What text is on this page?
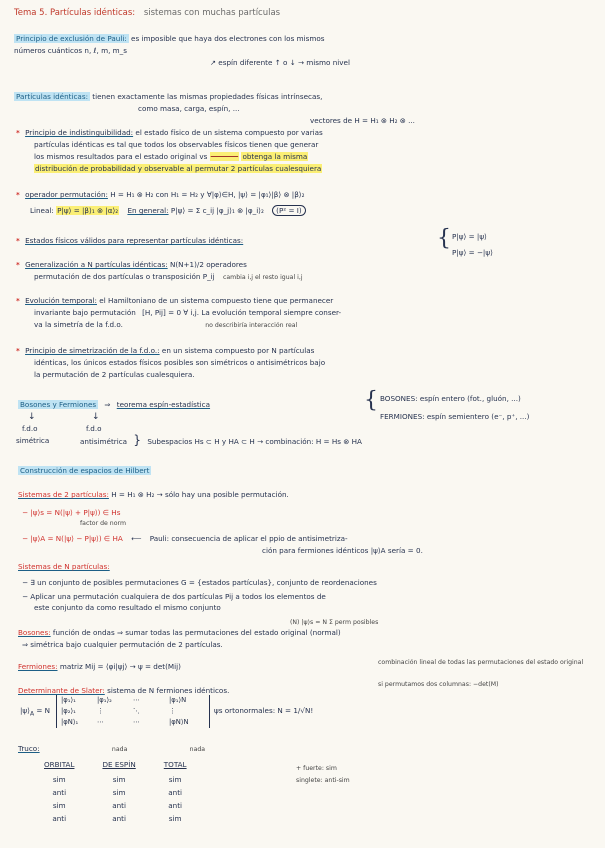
Tema 5. Partículas idénticas: sistemas con muchas partículas
Principio de exclusión de Pauli: es imposible que haya dos electrones con los mismos
números cuánticos n, ℓ, m, m_s
↗ espín diferente ↑ o ↓ → mismo nivel
Partículas idénticas: tienen exactamente las mismas propiedades físicas intrínsecas,
como masa, carga, espín, ...
vectores de H = H₁ ⊗ H₂ ⊗ ...
* Principio de indistinguibilidad: el estado físico de un sistema compuesto por varias
partículas idénticas es tal que todos los observables físicos tienen que generar
los mismos resultados para el estado original vs	obtenga la misma
distribución de probabilidad y observable al permutar 2 partículas cualesquiera
* operador permutación: H = H₁ ⊗ H₂ con H₁ = H₂ y ∀|φ⟩∈H, |ψ⟩ = |φ₁⟩|β⟩ ⊗ |β⟩₂
Lineal: P|ψ⟩ = |β⟩₁ ⊗ |α⟩₂ En general: P|ψ⟩ = Σ c_ij |φ_j⟩₁ ⊗ |φ_i⟩₂ (P² = I)
* Estados físicos válidos para representar partículas idénticas:	{ P|ψ⟩ = |ψ⟩
P|ψ⟩ = −|ψ⟩
* Generalización a N partículas idénticas: N(N+1)/2 operadores
permutación de dos partículas o transposición P_ij cambia i,j el resto igual i,j
* Evolución temporal: el Hamiltoniano de un sistema compuesto tiene que permanecer
invariante bajo permutación [H, Pij] = 0 ∀ i,j. La evolución temporal siempre conser-
va la simetría de la f.d.o.	no describiría interacción real
* Principio de simetrización de la f.d.o.: en un sistema compuesto por N partículas
idénticas, los únicos estados físicos posibles son simétricos o antisimétricos bajo
la permutación de 2 partículas cualesquiera.
Bosones y Fermiones ⇒ teorema espín-estadística	{ BOSONES: espín entero (fot., gluón, ...)
FERMIONES: espín semientero (e⁻, p⁺, ...)
↓	↓
f.d.o	f.d.o
simétrica	antisimétrica } Subespacios Hs ⊂ H y HA ⊂ H → combinación: H = Hs ⊗ HA
Construcción de espacios de Hilbert
Sistemas de 2 partículas: H = H₁ ⊗ H₂ → sólo hay una posible permutación.
− |ψ⟩s = N(|ψ⟩ + P|ψ⟩) ∈ Hs
factor de norm
− |ψ⟩A = N(|ψ⟩ − P|ψ⟩) ∈ HA ⟵ Pauli: consecuencia de aplicar el ppio de antisimetriza-
ción para fermiones idénticos |ψ⟩A sería = 0.
Sistemas de N partículas:
− ∃ un conjunto de posibles permutaciones G = {estados partículas}, conjunto de reordenaciones
− Aplicar una permutación cualquiera de dos partículas Pij a todos los elementos de
este conjunto da como resultado el mismo conjunto
(N) |ψ⟩s = N Σ perm posibles
Bosones: función de ondas ⇒ sumar todas las permutaciones del estado original (normal)
⇒ simétrica bajo cualquier permutación de 2 partículas.
Fermiones: matriz Mij = ⟨φi|ψj⟩ → ψ = det(Mij)	combinación lineal de todas las permutaciones del estado original
si permutamos dos columnas: −det(M)
Determinante de Slater: sistema de N fermiones idénticos.
$|\psi⟩_A = N$
|φ₁⟩₁	|φ₁⟩₂	⋯	|φ₁⟩N
|φ₂⟩₁	⋮	⋱	⋮
|φN⟩₁	⋯	⋯	|φN⟩N
ψs ortonormales: N = 1/√N!
Truco:	nada	nada
ORBITAL	DE ESPÍN	TOTAL
sim	sim	sim
anti	sim	anti
sim	anti	anti
anti	anti	sim
+ fuerte: sim
singlete: anti-sim
